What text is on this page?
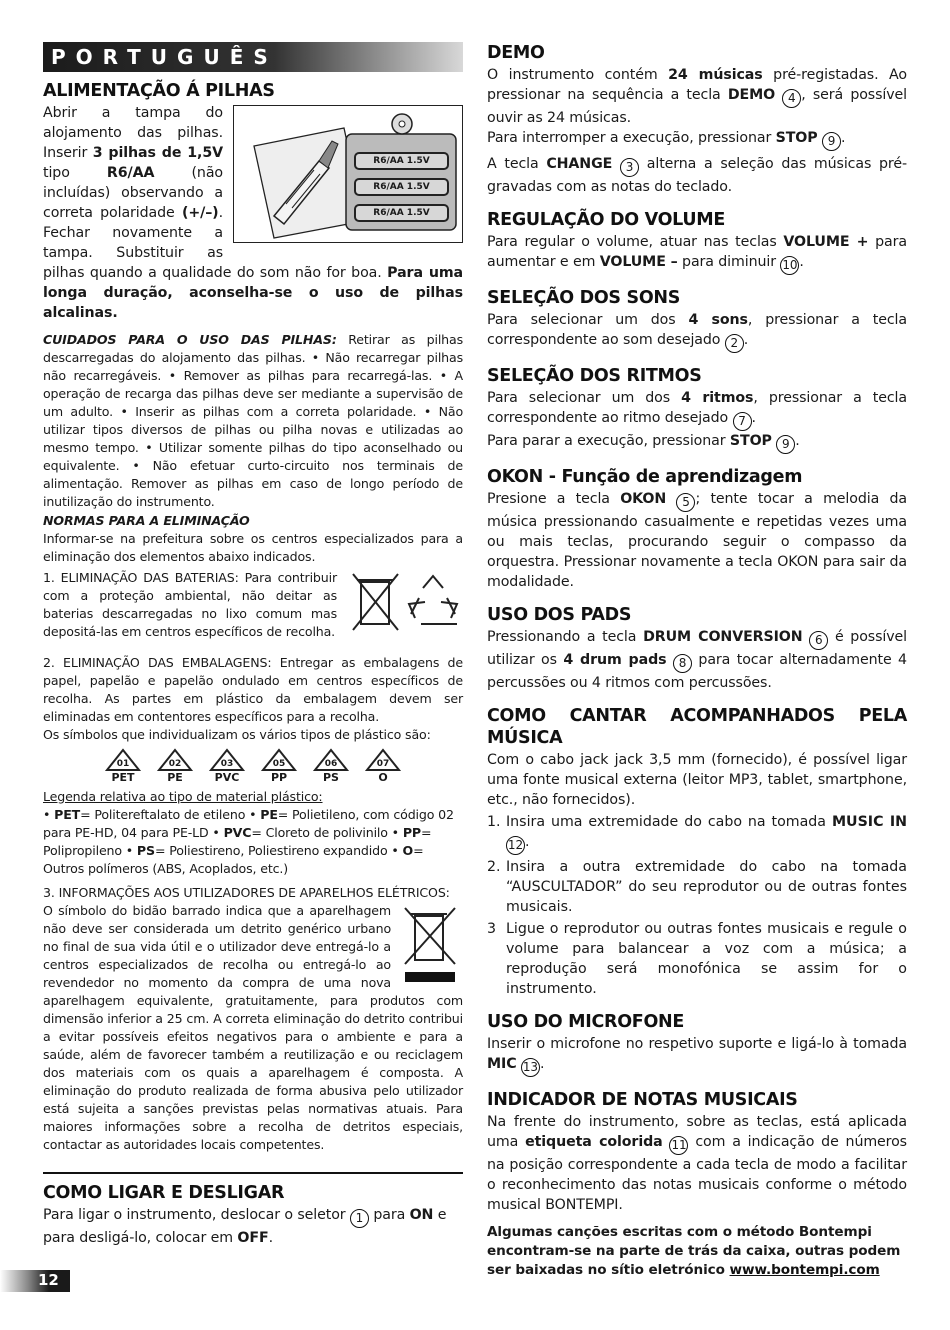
PORTUGUÊS
ALIMENTAÇÃO Á PILHAS
R6/AA 1.5V
R6/AA 1.5V
R6/AA 1.5V

Abrir a tampa do alojamento das pilhas. Inserir 3 pilhas de 1,5V tipo R6/AA (não incluídas) observando a correta polaridade (+/–). Fechar novamente a tampa. Substituir as pilhas quando a qualidade do som não for boa. Para uma longa duração, aconselha-se o uso de pilhas alcalinas.

CUIDADOS PARA O USO DAS PILHAS: Retirar as pilhas descarregadas do alojamento das pilhas. • Não recarregar pilhas não recarregáveis. • Remover as pilhas para recarregá-las. • A operação de recarga das pilhas deve ser mediante a supervisão de um adulto. • Inserir as pilhas com a correta polaridade. • Não utilizar tipos diversos de pilhas ou pilha novas e utilizadas ao mesmo tempo. • Utilizar somente pilhas do tipo aconselhado ou equivalente. • Não efetuar curto-circuito nos terminais de alimentação. Remover as pilhas em caso de longo período de inutilização do instrumento.

NORMAS PARA A ELIMINAÇÃO

Informar-se na prefeitura sobre os centros especializados para a eliminação dos elementos abaixo indicados.

1. ELIMINAÇÃO DAS BATERIAS: Para contribuir com a proteção ambiental, não deitar as baterias descarregadas no lixo comum mas depositá-las em centros específicos de recolha.

2. ELIMINAÇÃO DAS EMBALAGENS: Entregar as embalagens de papel, papelão e papelão ondulado em centros específicos de recolha. As partes em plástico da embalagem devem ser eliminadas em contentores específicos para a recolha.

Os símbolos que individualizam os vários tipos de plástico são:

01
PET
02
PE
03
PVC
05
PP
06
PS
07
O

Legenda relativa ao tipo de material plástico:

• PET= Politereftalato de etileno • PE= Polietileno, com código 02 para PE-HD, 04 para PE-LD • PVC= Cloreto de polivinilo • PP= Polipropileno • PS= Poliestireno, Poliestireno expandido • O= Outros polímeros (ABS, Acoplados, etc.)

3. INFORMAÇÕES AOS UTILIZADORES DE APARELHOS ELÉTRICOS:

O símbolo do bidão barrado indica que a aparelhagem não deve ser considerada um detrito genérico urbano no final de sua vida útil e o utilizador deve entregá-lo a centros especializados de recolha ou entregá-lo ao revendedor no momento da compra de uma nova aparelhagem equivalente, gratuitamente, para produtos com dimensão inferior a 25 cm. A correta eliminação do detrito contribui a evitar possíveis efeitos negativos para o ambiente e para a saúde, além de favorecer também a reutilização e ou reciclagem dos materiais com os quais a aparelhagem é composta. A eliminação do produto realizada de forma abusiva pelo utilizador está sujeita a sanções previstas pelas normativas atuais. Para maiores informações sobre a recolha de detritos especiais, contactar as autoridades locais competentes.

COMO LIGAR E DESLIGAR

Para ligar o instrumento, deslocar o seletor 1 para ON e para desligá-lo, colocar em OFF.

DEMO

O instrumento contém 24 músicas pré-registadas. Ao pressionar na sequência a tecla DEMO 4 , será possível ouvir as 24 músicas.
Para interromper a execução, pressionar STOP 9 .

A tecla CHANGE 3 alterna a seleção das músicas pré-gravadas com as notas do teclado.

REGULAÇÃO DO VOLUME

Para regular o volume, atuar nas teclas VOLUME + para aumentar e em VOLUME – para diminuir 10 .

SELEÇÃO DOS SONS

Para selecionar um dos 4 sons, pressionar a tecla correspondente ao som desejado 2 .

SELEÇÃO DOS RITMOS

Para selecionar um dos 4 ritmos, pressionar a tecla correspondente ao ritmo desejado 7 .
Para parar a execução, pressionar STOP 9 .

OKON - Função de aprendizagem

Presione a tecla OKON 5 ; tente tocar a melodia da música pressionando casualmente e repetidas vezes uma ou mais teclas, procurando seguir o compasso da orquestra. Pressionar novamente a tecla OKON para sair da modalidade.

USO DOS PADS

Pressionando a tecla DRUM CONVERSION 6 é possível utilizar os 4 drum pads 8 para tocar alternadamente 4 percussões ou 4 ritmos com percussões.

COMO CANTAR ACOMPANHADOS PELA MÚSICA

Com o cabo jack jack 3,5 mm (fornecido), é possível ligar uma fonte musical externa (leitor MP3, tablet, smartphone, etc., não fornecidos).

1. Insira uma extremidade do cabo na tomada MUSIC IN 12 .
2. Insira a outra extremidade do cabo na tomada “AUSCULTADOR” do seu reprodutor ou de outras fontes musicais.
3 Ligue o reprodutor ou outras fontes musicais e regule o volume para balancear a voz com a música; a reprodução será monofónica se assim for o instrumento.
USO DO MICROFONE

Inserir o microfone no respetivo suporte e ligá-lo à tomada MIC 13 .

INDICADOR DE NOTAS MUSICAIS

Na frente do instrumento, sobre as teclas, está aplicada uma etiqueta colorida 11 com a indicação de números na posição correspondente a cada tecla de modo a facilitar o reconhecimento das notas musicais conforme o método musical BONTEMPI.

Algumas canções escritas com o método Bontempi encontram-se na parte de trás da caixa, outras podem ser baixadas no sítio eletrónico www.bontempi.com

12
